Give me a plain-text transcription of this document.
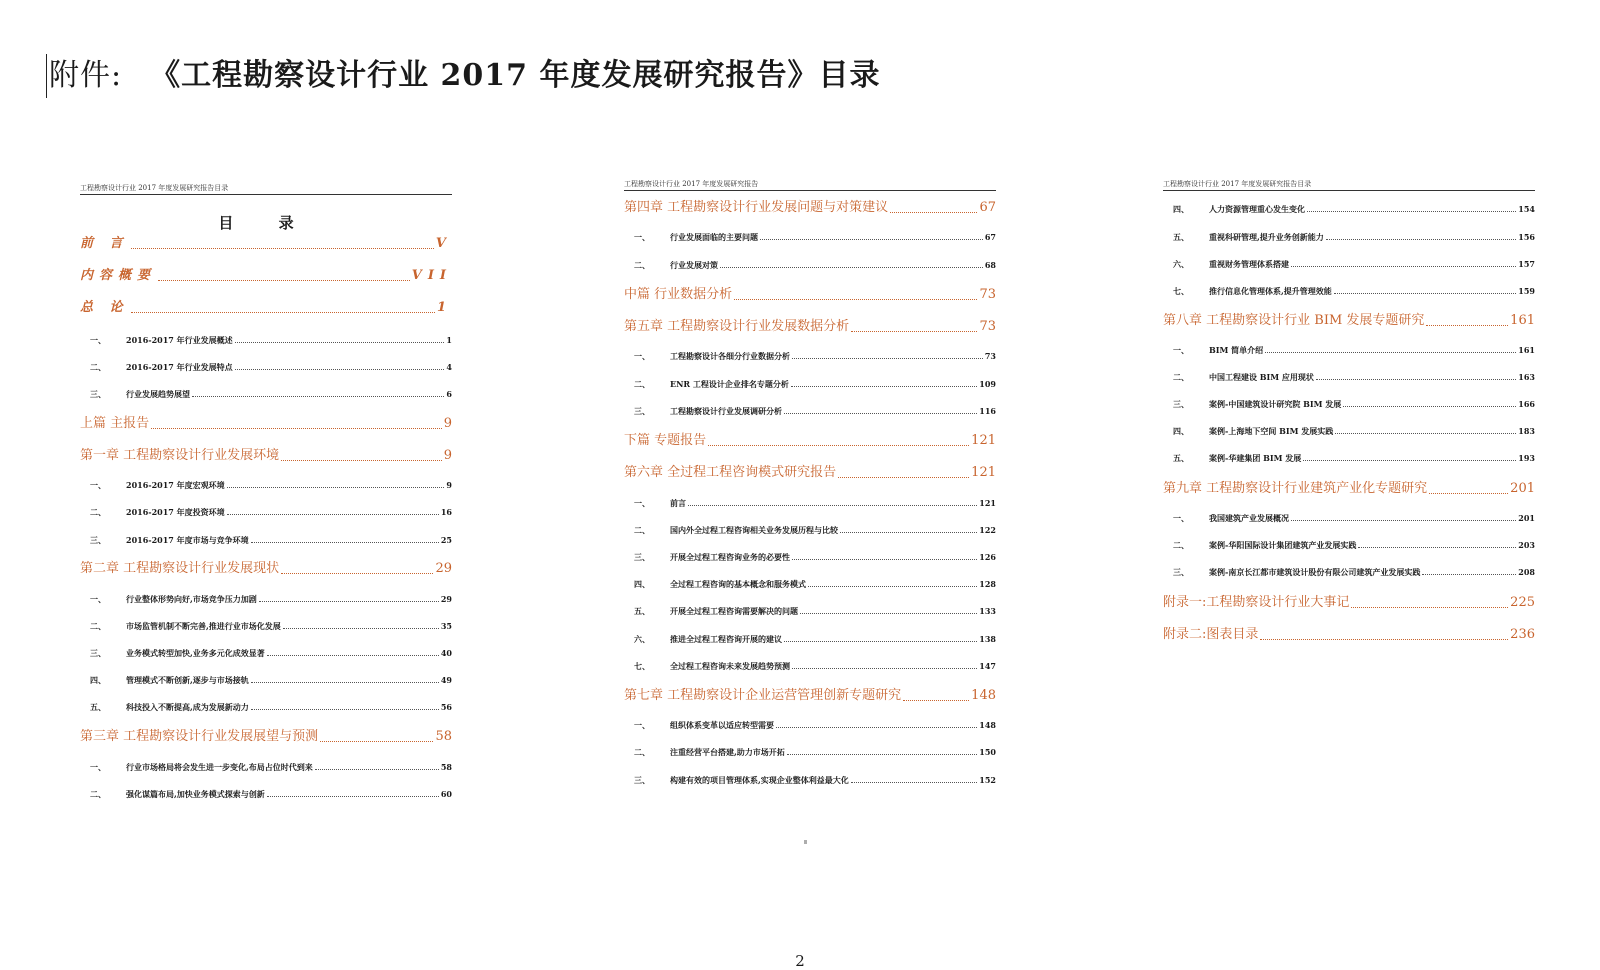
附件: 《工程勘察设计行业 2017 年度发展研究报告》目录
工程勘察设计行业 2017 年度发展研究报告目录
目 录
前 言	V
内容概要	VII
总 论	1
一、	2016-2017 年行业发展概述	1
二、	2016-2017 年行业发展特点	4
三、	行业发展趋势展望	6
上篇 主报告	9
第一章 工程勘察设计行业发展环境	9
一、	2016-2017 年度宏观环境	9
二、	2016-2017 年度投资环境	16
三、	2016-2017 年度市场与竞争环境	25
第二章 工程勘察设计行业发展现状	29
一、	行业整体形势向好,市场竞争压力加剧	29
二、	市场监管机制不断完善,推进行业市场化发展	35
三、	业务模式转型加快,业务多元化成效显著	40
四、	管理模式不断创新,逐步与市场接轨	49
五、	科技投入不断提高,成为发展新动力	56
第三章 工程勘察设计行业发展展望与预测	58
一、	行业市场格局将会发生进一步变化,布局占位时代到来	58
二、	强化谋篇布局,加快业务模式探索与创新	60
工程勘察设计行业 2017 年度发展研究报告
第四章 工程勘察设计行业发展问题与对策建议	67
一、	行业发展面临的主要问题	67
二、	行业发展对策	68
中篇 行业数据分析	73
第五章 工程勘察设计行业发展数据分析	73
一、	工程勘察设计各细分行业数据分析	73
二、	ENR 工程设计企业排名专题分析	109
三、	工程勘察设计行业发展调研分析	116
下篇 专题报告	121
第六章 全过程工程咨询模式研究报告	121
一、	前言	121
二、	国内外全过程工程咨询相关业务发展历程与比较	122
三、	开展全过程工程咨询业务的必要性	126
四、	全过程工程咨询的基本概念和服务模式	128
五、	开展全过程工程咨询需要解决的问题	133
六、	推进全过程工程咨询开展的建议	138
七、	全过程工程咨询未来发展趋势预测	147
第七章 工程勘察设计企业运营管理创新专题研究	148
一、	组织体系变革以适应转型需要	148
二、	注重经营平台搭建,助力市场开拓	150
三、	构建有效的项目管理体系,实现企业整体利益最大化	152
工程勘察设计行业 2017 年度发展研究报告目录
四、	人力资源管理重心发生变化	154
五、	重视科研管理,提升业务创新能力	156
六、	重视财务管理体系搭建	157
七、	推行信息化管理体系,提升管理效能	159
第八章 工程勘察设计行业 BIM 发展专题研究	161
一、	BIM 简单介绍	161
二、	中国工程建设 BIM 应用现状	163
三、	案例-中国建筑设计研究院 BIM 发展	166
四、	案例-上海地下空间 BIM 发展实践	183
五、	案例-华建集团 BIM 发展	193
第九章 工程勘察设计行业建筑产业化专题研究	201
一、	我国建筑产业发展概况	201
二、	案例-华阳国际设计集团建筑产业发展实践	203
三、	案例-南京长江都市建筑设计股份有限公司建筑产业发展实践	208
附录一:工程勘察设计行业大事记	225
附录二:图表目录	236
2
